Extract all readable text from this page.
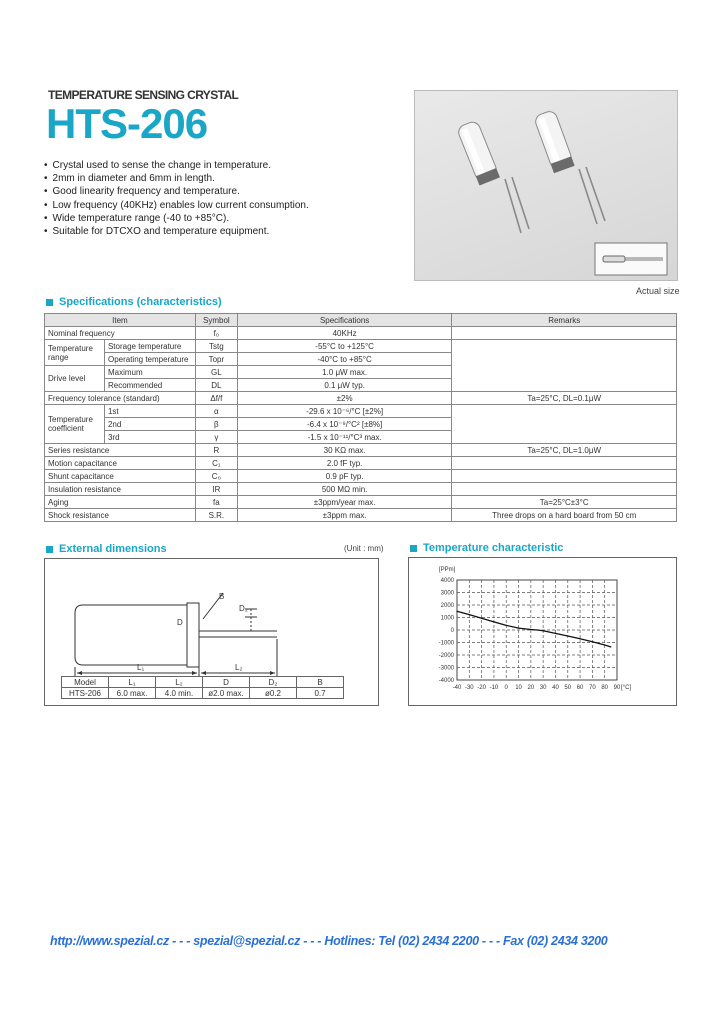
TEMPERATURE SENSING CRYSTAL
HTS-206
• Crystal used to sense the change in temperature.
• 2mm in diameter and 6mm in length.
• Good linearity frequency and temperature.
• Low frequency (40KHz) enables low current consumption.
• Wide temperature range (-40 to +85°C).
• Suitable for DTCXO and temperature equipment.
Actual size
Specifications (characteristics)
Item		Symbol	Specifications	Remarks
Nominal frequency		f₀	40KHz	
Temperature range	Storage temperature	Tstg	-55°C to +125°C	
	Operating temperature	Topr	-40°C to +85°C	
Drive level	Maximum	GL	1.0 μW max.	
	Recommended	DL	0.1 μW typ.	
Frequency tolerance (standard)		Δf/f	±2%	Ta=25°C, DL=0.1μW
Temperature coefficient	1st	α	-29.6 x 10⁻⁶/°C [±2%]	
	2nd	β	-6.4 x 10⁻⁹/°C² [±8%]	
	3rd	γ	-1.5 x 10⁻¹¹/°C³ max.	
Series resistance		R	30 KΩ max.	Ta=25°C, DL=1.0μW
Motion capacitance		C₁	2.0 fF typ.	
Shunt capacitance		C₀	0.9 pF typ.	
Insulation resistance		IR	500 MΩ min.	
Aging		fa	±3ppm/year max.	Ta=25°C±3°C
Shock resistance		S.R.	±3ppm max.	Three drops on a hard board from 50 cm
External dimensions	(Unit : mm)
D
B
D₂
L₁	L₂
Model	L₁	L₂	D	D₂	B
HTS-206	6.0 max.	4.0 min.	ø2.0 max.	ø0.2	0.7
Temperature characteristic
-40 -30 -20 -10 0 10 20 30 40 50 60 70 80 90
4000
3000
2000
1000
0
-1000
-2000
-3000
-4000
[PPm]
[°C]
http://www.spezial.cz - - - spezial@spezial.cz - - - Hotlines: Tel (02) 2434 2200 - - - Fax (02) 2434 3200
